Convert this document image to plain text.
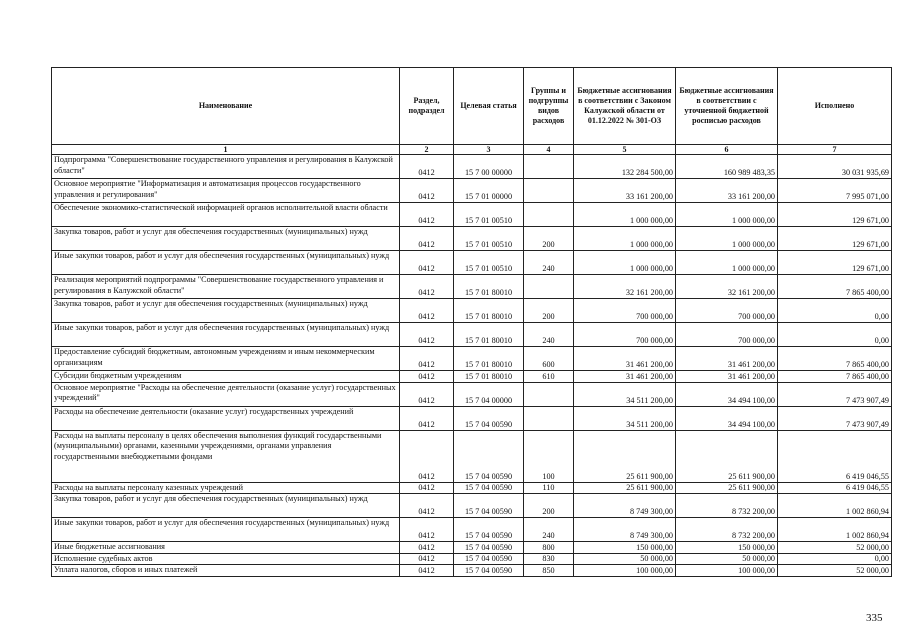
Наименование	Раздел, подраздел	Целевая статья	Группы и подгруппы видов расходов	Бюджетные ассигнования в соответствии с Законом Калужской области от 01.12.2022 № 301-ОЗ	Бюджетные ассигнования в соответствии с уточненной бюджетной росписью расходов	Исполнено
1	2	3	4	5	6	7
Подпрограмма "Совершенствование государственного управления и регулирования в Калужской области"	0412	15 7 00 00000		132 284 500,00	160 989 483,35	30 031 935,69
Основное мероприятие "Информатизация и автоматизация процессов государственного управления и регулирования"	0412	15 7 01 00000		33 161 200,00	33 161 200,00	7 995 071,00
Обеспечение экономико-статистической информацией органов исполнительной власти области	0412	15 7 01 00510		1 000 000,00	1 000 000,00	129 671,00
Закупка товаров, работ и услуг для обеспечения государственных (муниципальных) нужд	0412	15 7 01 00510	200	1 000 000,00	1 000 000,00	129 671,00
Иные закупки товаров, работ и услуг для обеспечения государственных (муниципальных) нужд	0412	15 7 01 00510	240	1 000 000,00	1 000 000,00	129 671,00
Реализация мероприятий подпрограммы "Совершенствование государственного управления и регулирования в Калужской области"	0412	15 7 01 80010		32 161 200,00	32 161 200,00	7 865 400,00
Закупка товаров, работ и услуг для обеспечения государственных (муниципальных) нужд	0412	15 7 01 80010	200	700 000,00	700 000,00	0,00
Иные закупки товаров, работ и услуг для обеспечения государственных (муниципальных) нужд	0412	15 7 01 80010	240	700 000,00	700 000,00	0,00
Предоставление субсидий бюджетным, автономным учреждениям и иным некоммерческим организациям	0412	15 7 01 80010	600	31 461 200,00	31 461 200,00	7 865 400,00
Субсидии бюджетным учреждениям	0412	15 7 01 80010	610	31 461 200,00	31 461 200,00	7 865 400,00
Основное мероприятие "Расходы на обеспечение деятельности (оказание услуг) государственных учреждений"	0412	15 7 04 00000		34 511 200,00	34 494 100,00	7 473 907,49
Расходы на обеспечение деятельности (оказание услуг) государственных учреждений	0412	15 7 04 00590		34 511 200,00	34 494 100,00	7 473 907,49
Расходы на выплаты персоналу в целях обеспечения выполнения функций государственными (муниципальными) органами, казенными учреждениями, органами управления государственными внебюджетными фондами	0412	15 7 04 00590	100	25 611 900,00	25 611 900,00	6 419 046,55
Расходы на выплаты персоналу казенных учреждений	0412	15 7 04 00590	110	25 611 900,00	25 611 900,00	6 419 046,55
Закупка товаров, работ и услуг для обеспечения государственных (муниципальных) нужд	0412	15 7 04 00590	200	8 749 300,00	8 732 200,00	1 002 860,94
Иные закупки товаров, работ и услуг для обеспечения государственных (муниципальных) нужд	0412	15 7 04 00590	240	8 749 300,00	8 732 200,00	1 002 860,94
Иные бюджетные ассигнования	0412	15 7 04 00590	800	150 000,00	150 000,00	52 000,00
Исполнение судебных актов	0412	15 7 04 00590	830	50 000,00	50 000,00	0,00
Уплата налогов, сборов и иных платежей	0412	15 7 04 00590	850	100 000,00	100 000,00	52 000,00
335
